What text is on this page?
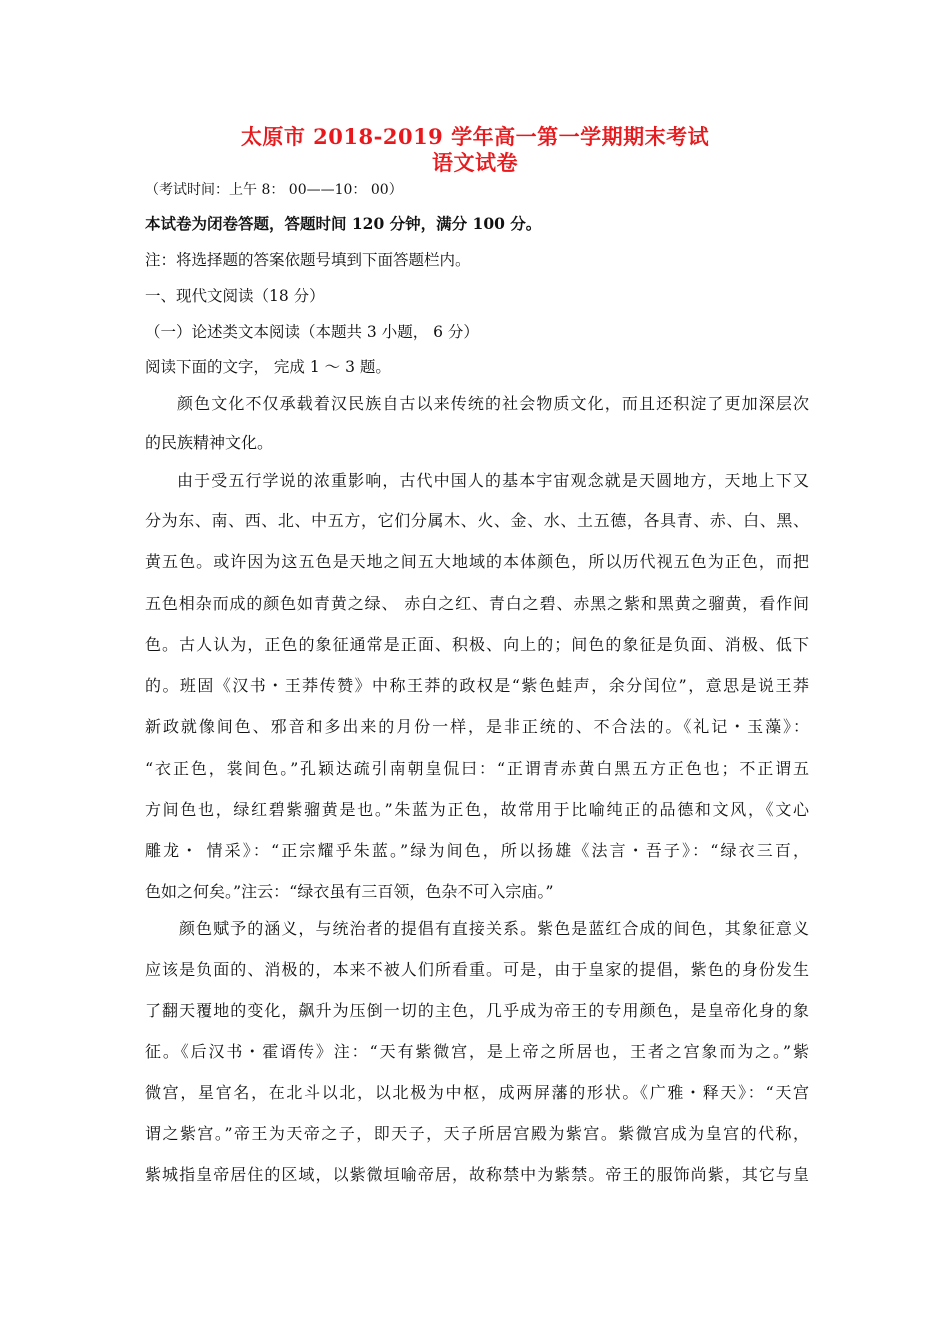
太原市 2018-2019 学年高一第一学期期末考试
语文试卷
（考试时间：上午 8： 00——10： 00）
本试卷为闭卷答题，答题时间 120 分钟，满分 100 分。
注：将选择题的答案依题号填到下面答题栏内。
一、现代文阅读（18 分）
（一）论述类文本阅读（本题共 3 小题， 6 分）
阅读下面的文字， 完成 1 ～ 3 题。
颜色文化不仅承载着汉民族自古以来传统的社会物质文化，而且还积淀了更加深层次
的民族精神文化。
由于受五行学说的浓重影响，古代中国人的基本宇宙观念就是天圆地方，天地上下又
分为东、南、西、北、中五方，它们分属木、火、金、水、土五德，各具青、赤、白、黑、
黄五色。或许因为这五色是天地之间五大地域的本体颜色，所以历代视五色为正色，而把
五色相杂而成的颜色如青黄之绿、 赤白之红、青白之碧、赤黑之紫和黑黄之骝黄，看作间
色。古人认为，正色的象征通常是正面、积极、向上的；间色的象征是负面、消极、低下
的。班固《汉书・王莽传赞》中称王莽的政权是“紫色蛙声，余分闰位”，意思是说王莽
新政就像间色、邪音和多出来的月份一样，是非正统的、不合法的。《礼记・玉藻》：
“衣正色，裳间色。”孔颖达疏引南朝皇侃曰：“正谓青赤黄白黑五方正色也；不正谓五
方间色也，绿红碧紫骝黄是也。”朱蓝为正色，故常用于比喻纯正的品德和文风，《文心
雕龙・ 情采》：“正宗耀乎朱蓝。”绿为间色，所以扬雄《法言・吾子》：“绿衣三百，
色如之何矣。”注云：“绿衣虽有三百领，色杂不可入宗庙。”
颜色赋予的涵义，与统治者的提倡有直接关系。紫色是蓝红合成的间色，其象征意义
应该是负面的、消极的，本来不被人们所看重。可是，由于皇家的提倡，紫色的身份发生
了翻天覆地的变化，飙升为压倒一切的主色，几乎成为帝王的专用颜色，是皇帝化身的象
征。《后汉书・霍谞传》注：“天有紫微宫，是上帝之所居也，王者之宫象而为之。”紫
微宫，星官名，在北斗以北，以北极为中枢，成两屏藩的形状。《广雅・释天》：“天宫
谓之紫宫。”帝王为天帝之子，即天子，天子所居宫殿为紫宫。紫微宫成为皇宫的代称，
紫城指皇帝居住的区域，以紫微垣喻帝居，故称禁中为紫禁。帝王的服饰尚紫，其它与皇
